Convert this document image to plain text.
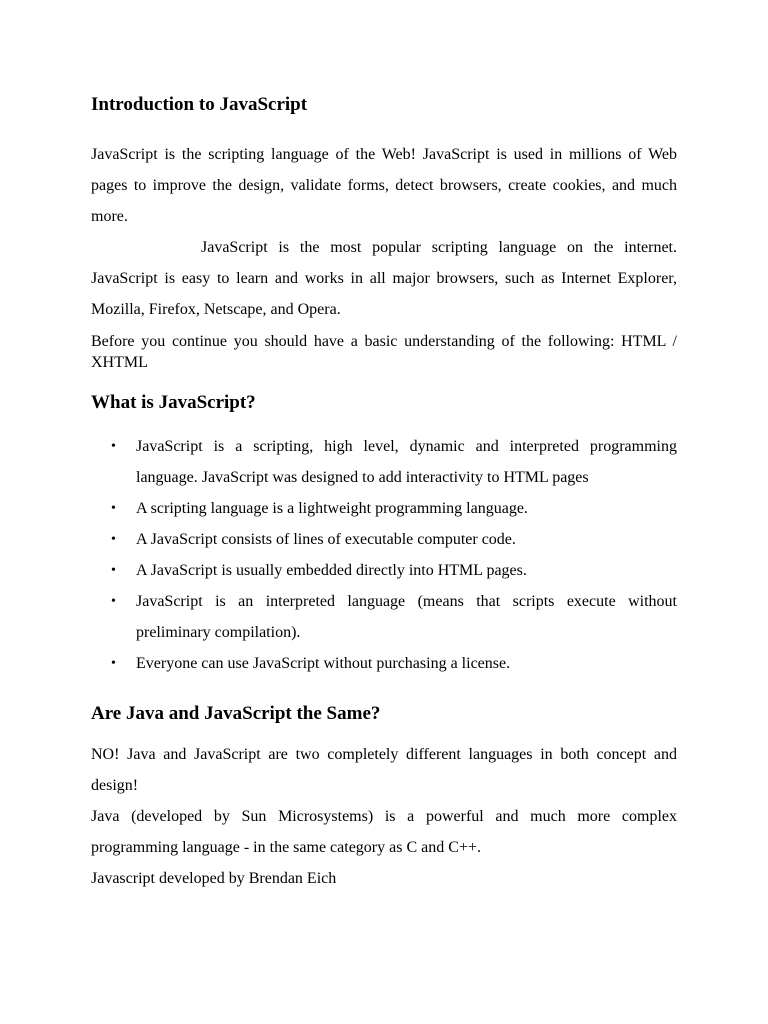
Introduction to JavaScript

JavaScript is the scripting language of the Web! JavaScript is used in millions of Web pages to improve the design, validate forms, detect browsers, create cookies, and much more.

JavaScript is the most popular scripting language on the internet. JavaScript is easy to learn and works in all major browsers, such as Internet Explorer, Mozilla, Firefox, Netscape, and Opera.

Before you continue you should have a basic understanding of the following: HTML / XHTML

What is JavaScript?
• JavaScript is a scripting, high level, dynamic and interpreted programming language. JavaScript was designed to add interactivity to HTML pages
• A scripting language is a lightweight programming language.
• A JavaScript consists of lines of executable computer code.
• A JavaScript is usually embedded directly into HTML pages.
• JavaScript is an interpreted language (means that scripts execute without preliminary compilation).
• Everyone can use JavaScript without purchasing a license.
Are Java and JavaScript the Same?

NO! Java and JavaScript are two completely different languages in both concept and design!

Java (developed by Sun Microsystems) is a powerful and much more complex programming language - in the same category as C and C++.

Javascript developed by Brendan Eich
